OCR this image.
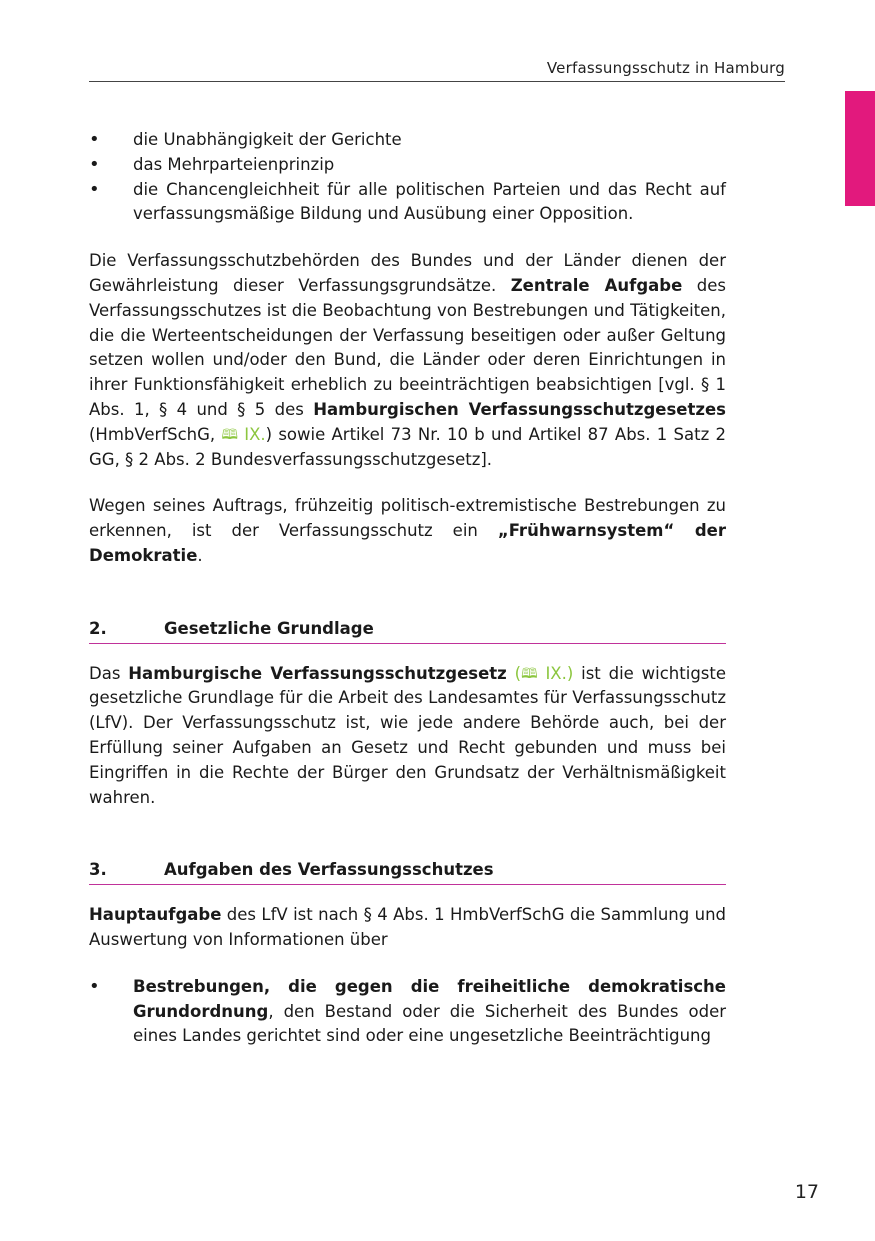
Verfassungsschutz in Hamburg
•	die Unabhängigkeit der Gerichte
•	das Mehrparteienprinzip
•	die Chancengleichheit für alle politischen Parteien und das Recht auf verfassungsmäßige Bildung und Ausübung einer Opposition.

Die Verfassungsschutzbehörden des Bundes und der Länder dienen der Gewährleistung dieser Verfassungsgrundsätze. Zentrale Aufgabe des Verfassungsschutzes ist die Beobachtung von Bestrebungen und Tätigkeiten, die die Werteentscheidungen der Verfassung beseitigen oder außer Geltung setzen wollen und/oder den Bund, die Länder oder deren Einrichtungen in ihrer Funktionsfähigkeit erheblich zu beeinträchtigen beabsichtigen [vgl. § 1 Abs. 1, § 4 und § 5 des Hamburgischen Verfassungsschutzgesetzes (HmbVerfSchG, 🕮 IX.) sowie Artikel 73 Nr. 10 b und Artikel 87 Abs. 1 Satz 2 GG, § 2 Abs. 2 Bundesverfassungsschutzgesetz].

Wegen seines Auftrags, frühzeitig politisch-extremistische Bestrebungen zu erkennen, ist der Verfassungsschutz ein „Frühwarnsystem“ der Demokratie.

2.	Gesetzliche Grundlage

Das Hamburgische Verfassungsschutzgesetz (🕮 IX.) ist die wichtigste gesetzliche Grundlage für die Arbeit des Landesamtes für Verfassungsschutz (LfV). Der Verfassungsschutz ist, wie jede andere Behörde auch, bei der Erfüllung seiner Aufgaben an Gesetz und Recht gebunden und muss bei Eingriffen in die Rechte der Bürger den Grundsatz der Verhältnismäßigkeit wahren.

3.	Aufgaben des Verfassungsschutzes

Hauptaufgabe des LfV ist nach § 4 Abs. 1 HmbVerfSchG die Sammlung und Auswertung von Informationen über

•	Bestrebungen, die gegen die freiheitliche demokratische Grundordnung, den Bestand oder die Sicherheit des Bundes oder eines Landes gerichtet sind oder eine ungesetzliche Beeinträchtigung
17
